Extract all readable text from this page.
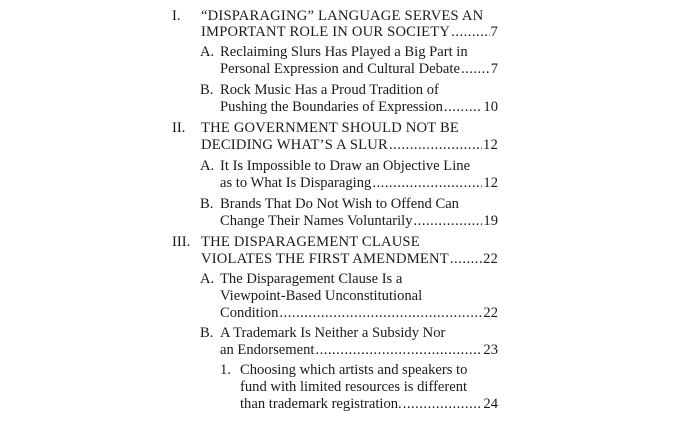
I. “DISPARAGING” LANGUAGE SERVES AN
IMPORTANT ROLE IN OUR SOCIETY .....	7
A. Reclaiming Slurs Has Played a Big Part in
Personal Expression and Cultural Debate ..... 7
B. Rock Music Has a Proud Tradition of
Pushing the Boundaries of Expression .....	10
II. THE GOVERNMENT SHOULD NOT BE
DECIDING WHAT’S A SLUR .....	12
A. It Is Impossible to Draw an Objective Line
as to What Is Disparaging .....	12
B. Brands That Do Not Wish to Offend Can
Change Their Names Voluntarily .....	19
III. THE DISPARAGEMENT CLAUSE
VIOLATES THE FIRST AMENDMENT ..... 22
A. The Disparagement Clause Is a
Viewpoint-Based Unconstitutional
Condition .....	22
B. A Trademark Is Neither a Subsidy Nor
an Endorsement .....	23
1. Choosing which artists and speakers to
fund with limited resources is different
than trademark registration. .....	24
